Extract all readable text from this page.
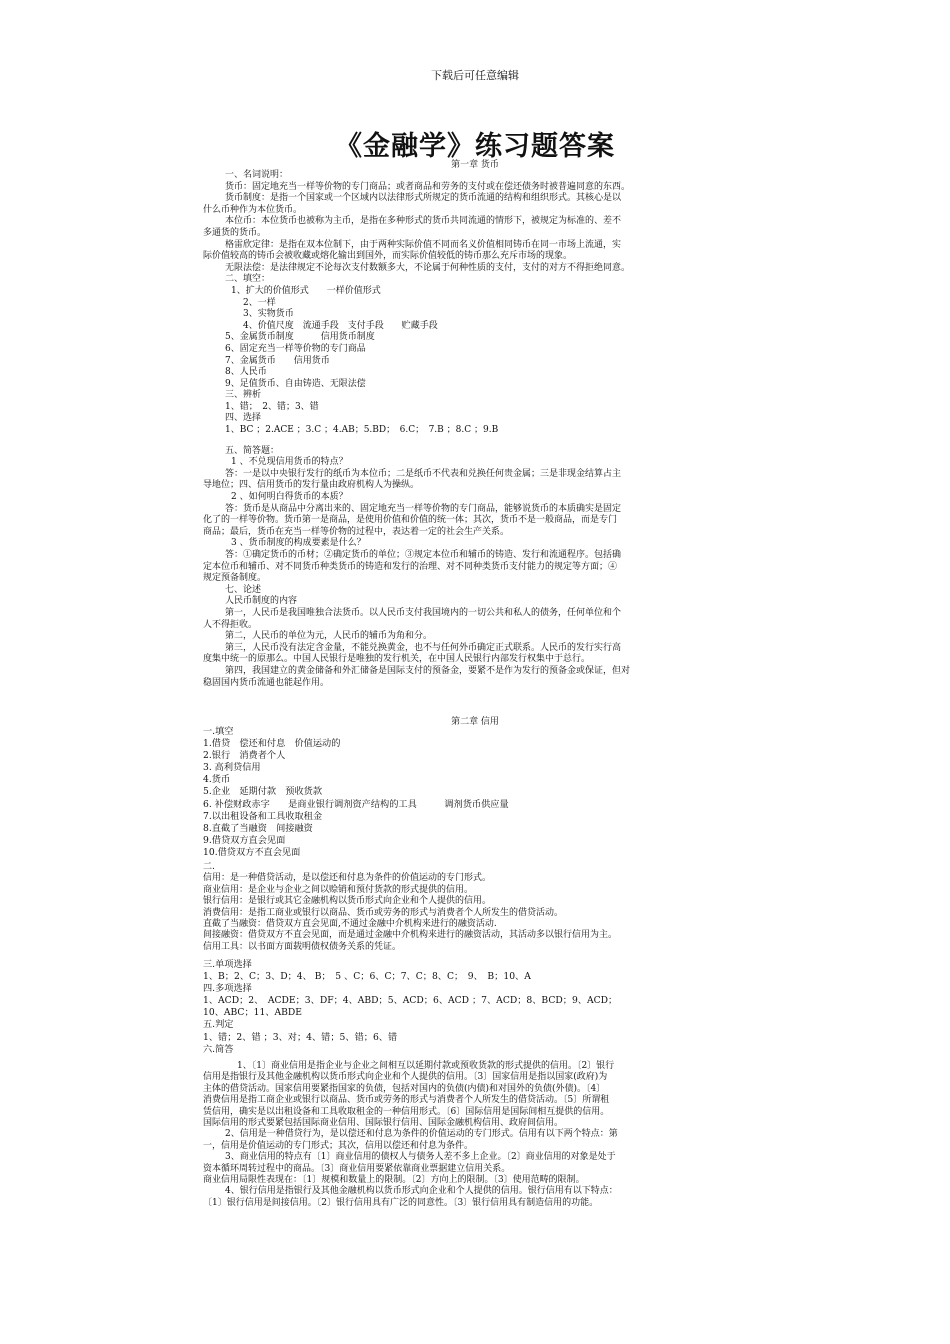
下载后可任意编辑
《金融学》练习题答案
第一章 货币

一、名词说明：

货币：固定地充当一样等价物的专门商品；或者商品和劳务的支付或在偿还债务时被普遍同意的东西。

货币制度：是指一个国家或一个区域内以法律形式所规定的货币流通的结构和组织形式。其核心是以

什么币种作为本位货币。

本位币：本位货币也被称为主币，是指在多种形式的货币共同流通的情形下，被规定为标准的、差不

多通货的货币。

格雷欣定律：是指在双本位制下，由于两种实际价值不同而名义价值相同铸币在同一市场上流通，实

际价值较高的铸币会被收藏或熔化输出到国外，而实际价值较低的铸币那么充斥市场的现象。

无限法偿：是法律规定不论每次支付数额多大，不论属于何种性质的支付，支付的对方不得拒绝同意。

二、填空：

1、扩大的价值形式　　一样价值形式

2、一样

3、实物货币

4、价值尺度　流通手段　支付手段　　贮藏手段

5、金属货币制度　　　信用货币制度

6、固定充当一样等价物的专门商品

7、金属货币　　信用货币

8、人民币

9、足值货币、自由铸造、无限法偿

三、辨析

1、错；　2、错；3、错

四、选择

1、BC ；2.ACE ；3.C ；4.AB；5.BD；　6.C；　7.B ；8.C ；9.B

五、简答题：

1 、不兑现信用货币的特点？

答：一是以中央银行发行的纸币为本位币；二是纸币不代表和兑换任何贵金属；三是非现金结算占主

导地位；四、信用货币的发行量由政府机构人为操纵。

2 、如何明白得货币的本质？

答：货币是从商品中分离出来的、固定地充当一样等价物的专门商品，能够说货币的本质确实是固定

化了的一样等价物。货币第一是商品，是使用价值和价值的统一体；其次，货币不是一般商品，而是专门

商品；最后，货币在充当一样等价物的过程中，表达着一定的社会生产关系。

3 、货币制度的构成要素是什么？

答：①确定货币的币材；②确定货币的单位；③规定本位币和辅币的铸造、发行和流通程序。包括确

定本位币和辅币、对不同货币种类货币的铸造和发行的治理、对不同种类货币支付能力的规定等方面；④

规定预备制度。

七、论述

人民币制度的内容

第一，人民币是我国唯独合法货币。以人民币支付我国境内的一切公共和私人的债务，任何单位和个

人不得拒收。

第二，人民币的单位为元，人民币的辅币为角和分。

第三，人民币没有法定含金量，不能兑换黄金，也不与任何外币确定正式联系。人民币的发行实行高

度集中统一的原那么。中国人民银行是唯独的发行机关，在中国人民银行内部发行权集中于总行。

第四，我国建立的黄金储备和外汇储备是国际支付的预备金，要紧不是作为发行的预备金或保证，但对

稳固国内货币流通也能起作用。

第二章 信用

一.填空

1.借贷　偿还和付息　价值运动的

2.银行　消费者个人

3. 高利贷信用

4.货币

5.企业　延期付款　预收货款

6. 补偿财政赤字　　是商业银行调剂资产结构的工具　　　调剂货币供应量

7.以出租设备和工具收取租金

8.直截了当融资　间接融资

9.借贷双方直会见面

10.借贷双方不直会见面

二.

信用：是一种借贷活动，是以偿还和付息为条件的价值运动的专门形式。

商业信用：是企业与企业之间以赊销和预付货款的形式提供的信用。

银行信用：是银行或其它金融机构以货币形式向企业和个人提供的信用。

消费信用：是指工商业或银行以商品、货币或劳务的形式与消费者个人所发生的借贷活动。

直截了当融资：借贷双方直会见面,不通过金融中介机构来进行的融资活动.

间接融资：借贷双方不直会见面，而是通过金融中介机构来进行的融资活动，其活动多以银行信用为主。

信用工具：以书面方面载明债权债务关系的凭证。

三.单项选择

1、B；2、C；3、D；4、 B；　5 、C；6、C；7、C；8、C；　9、　B；10、A

四.多项选择

1、ACD；2、　ACDE；3、DF；4、ABD；5、ACD；6、ACD ；7、ACD；8、BCD；9、ACD；

10、ABC；11、ABDE

五.判定

1、错；2、错 ；3、对；4、错；5、错；6、错

六.简答

1、〔1〕商业信用是指企业与企业之间相互以延期付款或预收货款的形式提供的信用。〔2〕银行

信用是指银行及其他金融机构以货币形式向企业和个人提供的信用。〔3〕国家信用是指以国家(政府)为

主体的借贷活动。国家信用要紧指国家的负债，包括对国内的负债(内债)和对国外的负债(外债)。〔4〕

消费信用是指工商企业或银行以商品、货币或劳务的形式与消费者个人所发生的借贷活动。〔5〕所谓租

赁信用，确实是以出租设备和工具收取租金的一种信用形式。〔6〕国际信用是国际间相互提供的信用。

国际信用的形式要紧包括国际商业信用、国际银行信用、国际金融机构信用、政府间信用。

2、信用是一种借贷行为，是以偿还和付息为条件的价值运动的专门形式。信用有以下两个特点：第

一，信用是价值运动的专门形式；其次，信用以偿还和付息为条件。

3、商业信用的特点有〔1〕商业信用的债权人与债务人差不多上企业。〔2〕商业信用的对象是处于

资本循环周转过程中的商品。〔3〕商业信用要紧依靠商业票据建立信用关系。

商业信用局限性表现在：〔1〕规模和数量上的限制。〔2〕方向上的限制。〔3〕使用范畴的限制。

4、银行信用是指银行及其他金融机构以货币形式向企业和个人提供的信用。银行信用有以下特点：

〔1〕银行信用是间接信用。〔2〕银行信用具有广泛的同意性。〔3〕银行信用具有制造信用的功能。
